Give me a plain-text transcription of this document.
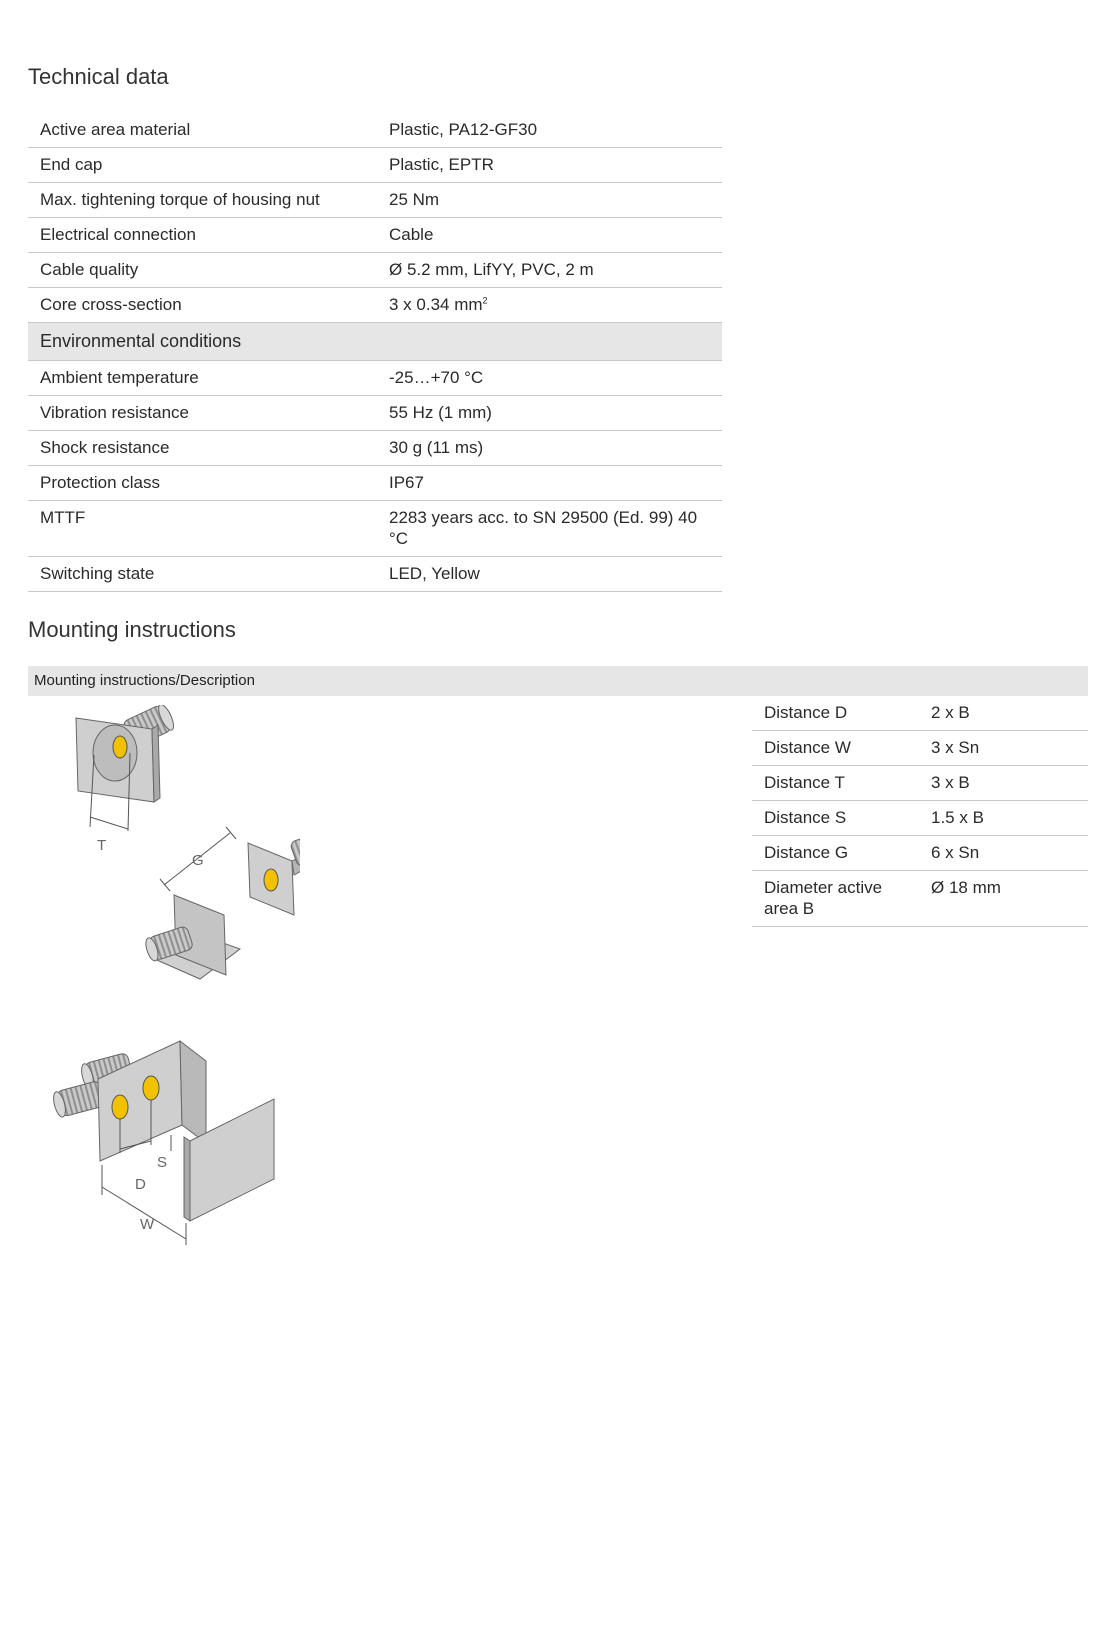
Technical data
Active area material	Plastic, PA12-GF30
End cap	Plastic, EPTR
Max. tightening torque of housing nut	25 Nm
Electrical connection	Cable
Cable quality	Ø 5.2 mm, LifYY, PVC, 2 m
Core cross-section	3 x 0.34 $mm^2$
Environmental conditions	
Ambient temperature	-25…+70 °C
Vibration resistance	55 Hz (1 mm)
Shock resistance	30 g (11 ms)
Protection class	IP67
MTTF	2283 years acc. to SN 29500 (Ed. 99) 40 °C
Switching state	LED, Yellow
Mounting instructions
Mounting instructions/Description
Distance D	2 x B
Distance W	3 x Sn
Distance T	3 x B
Distance S	1.5 x B
Distance G	6 x Sn
Diameter active area B	Ø 18 mm
T
G
S
D
W
